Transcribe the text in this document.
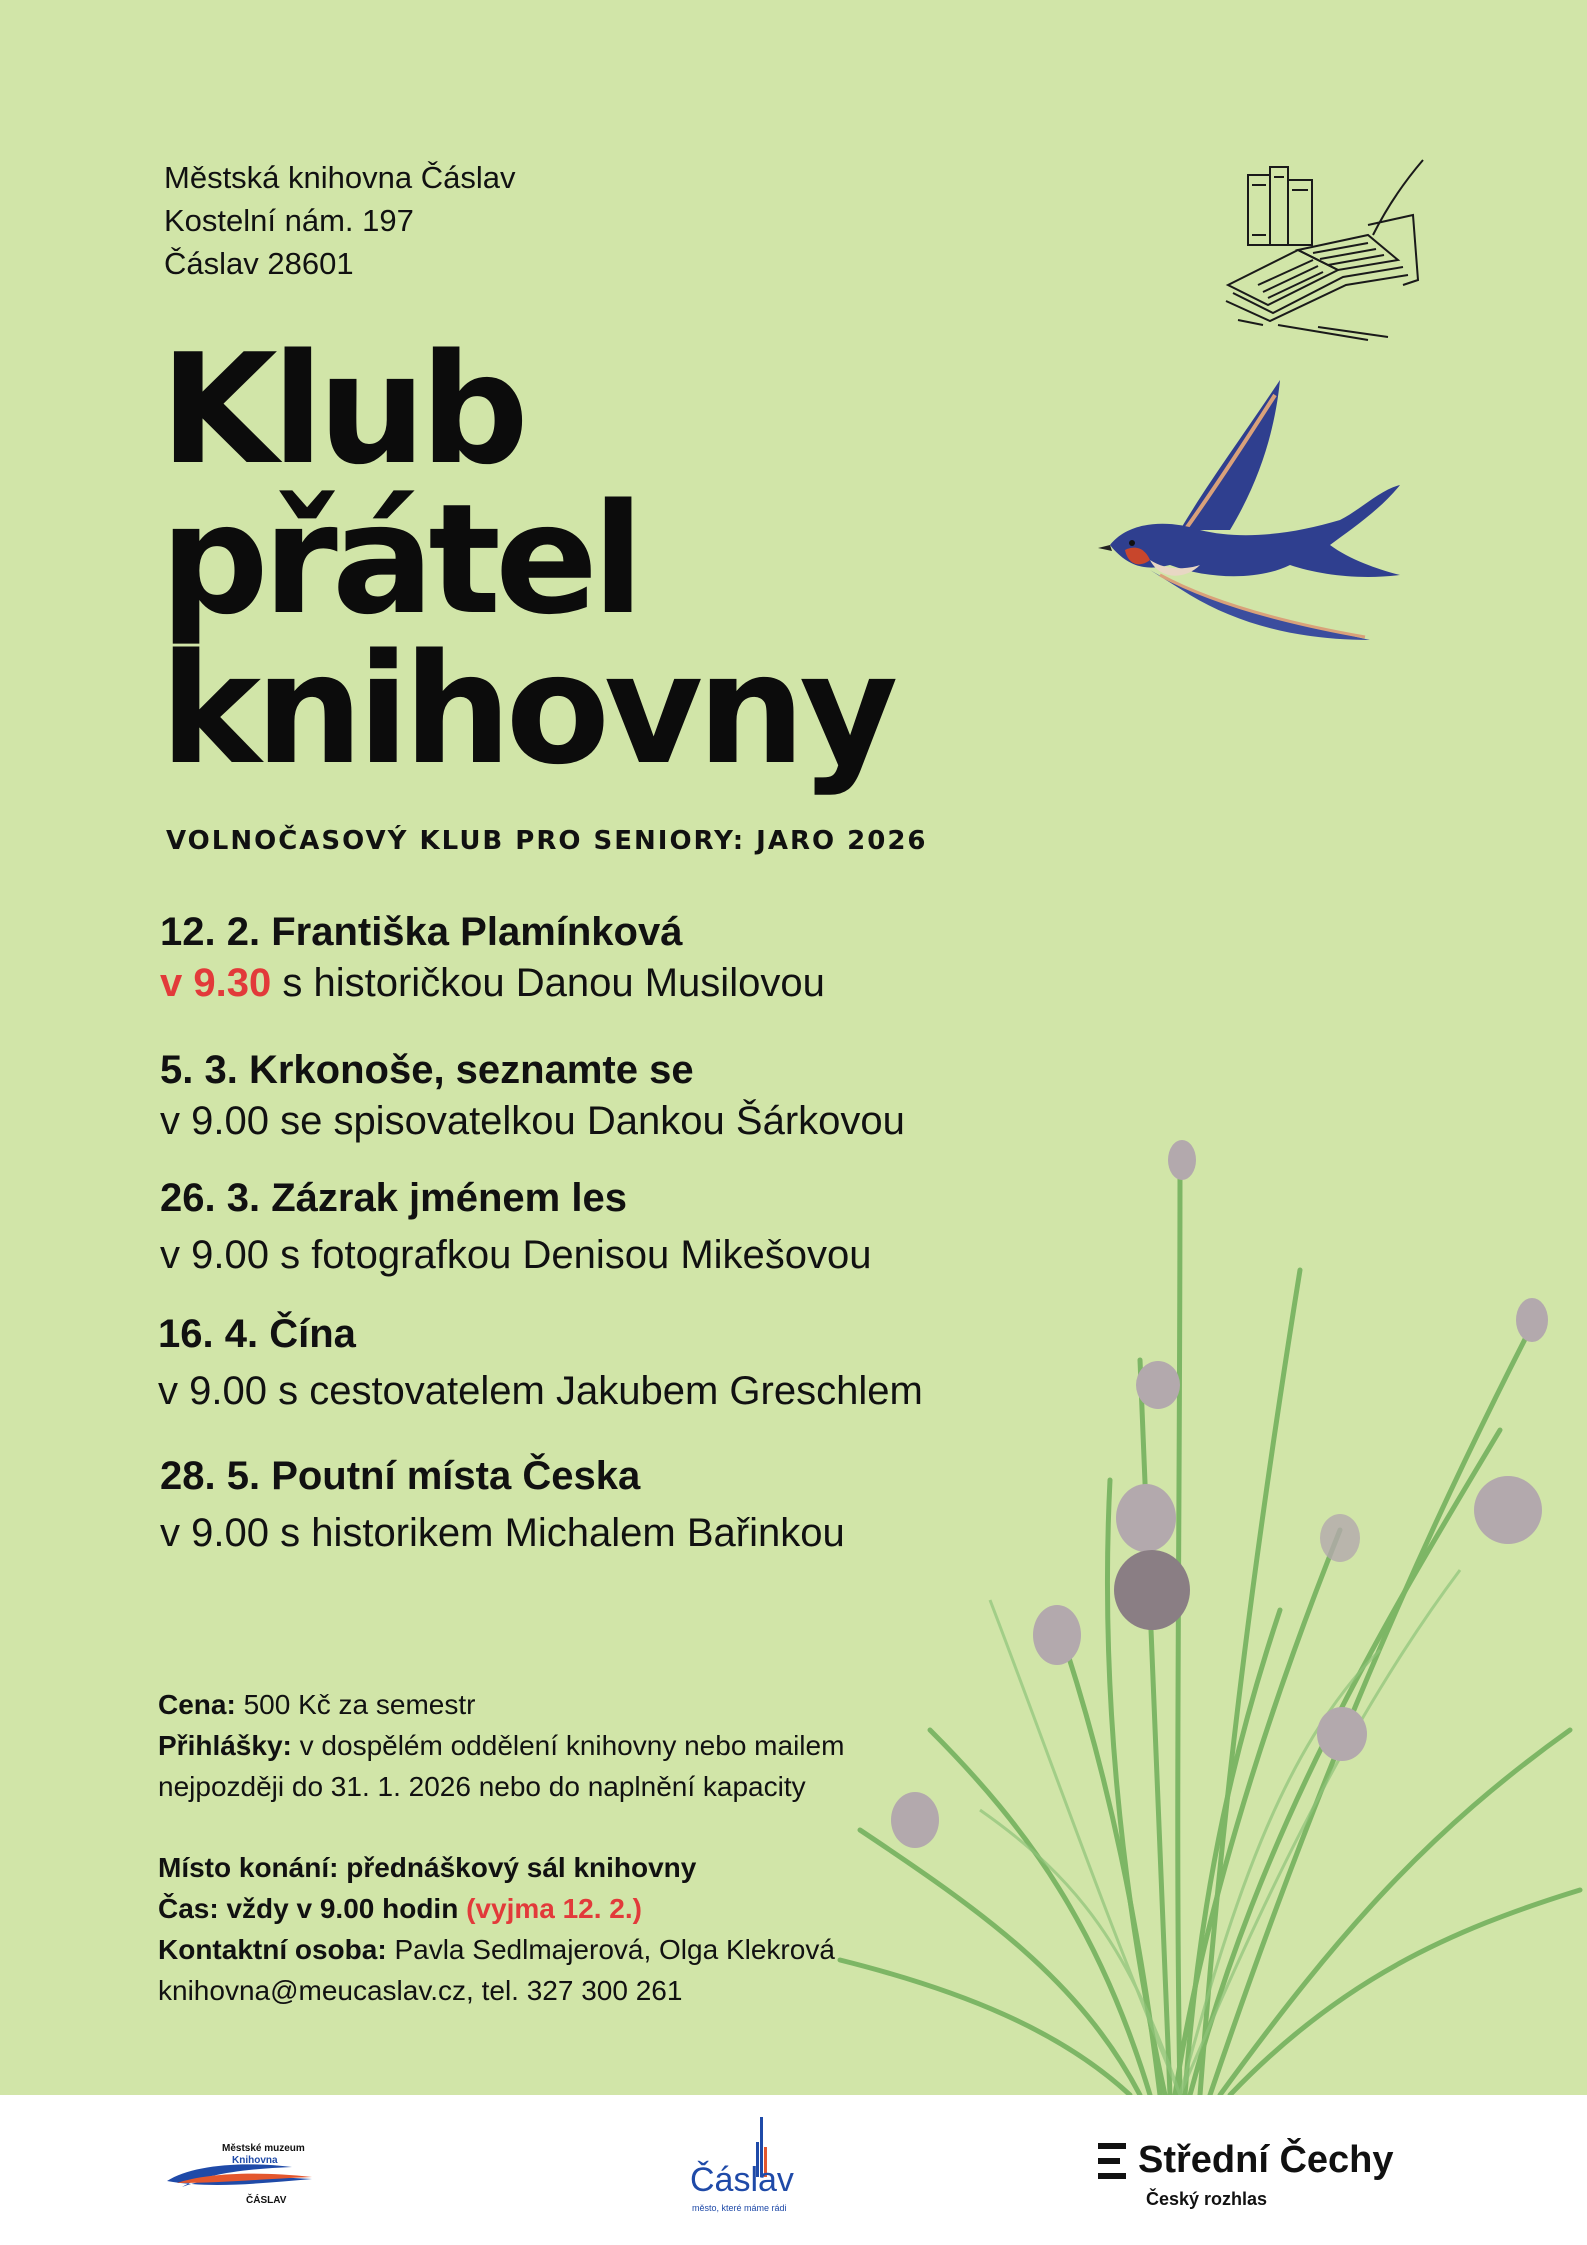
Městská knihovna Čáslav
Kostelní nám. 197
Čáslav 28601
Klub
přátel
knihovny
VOLNOČASOVÝ KLUB PRO SENIORY: JARO 2026
12. 2. Františka Plamínková
v 9.30 s historičkou Danou Musilovou
5. 3. Krkonoše, seznamte se
v 9.00 se spisovatelkou Dankou Šárkovou
26. 3. Zázrak jménem les
v 9.00 s fotografkou Denisou Mikešovou
16. 4. Čína
v 9.00 s cestovatelem Jakubem Greschlem
28. 5. Poutní místa Česka
v 9.00 s historikem Michalem Bařinkou
Cena: 500 Kč za semestr
Přihlášky: v dospělém oddělení knihovny nebo mailem
nejpozději do 31. 1. 2026 nebo do naplnění kapacity
Místo konání: přednáškový sál knihovny
Čas: vždy v 9.00 hodin (vyjma 12. 2.)
Kontaktní osoba: Pavla Sedlmajerová, Olga Klekrová
knihovna@meucaslav.cz, tel. 327 300 261
Městské muzeum
Knihovna
ČÁSLAV
Čáslav
město, které máme rádi
Střední Čechy
Český rozhlas
